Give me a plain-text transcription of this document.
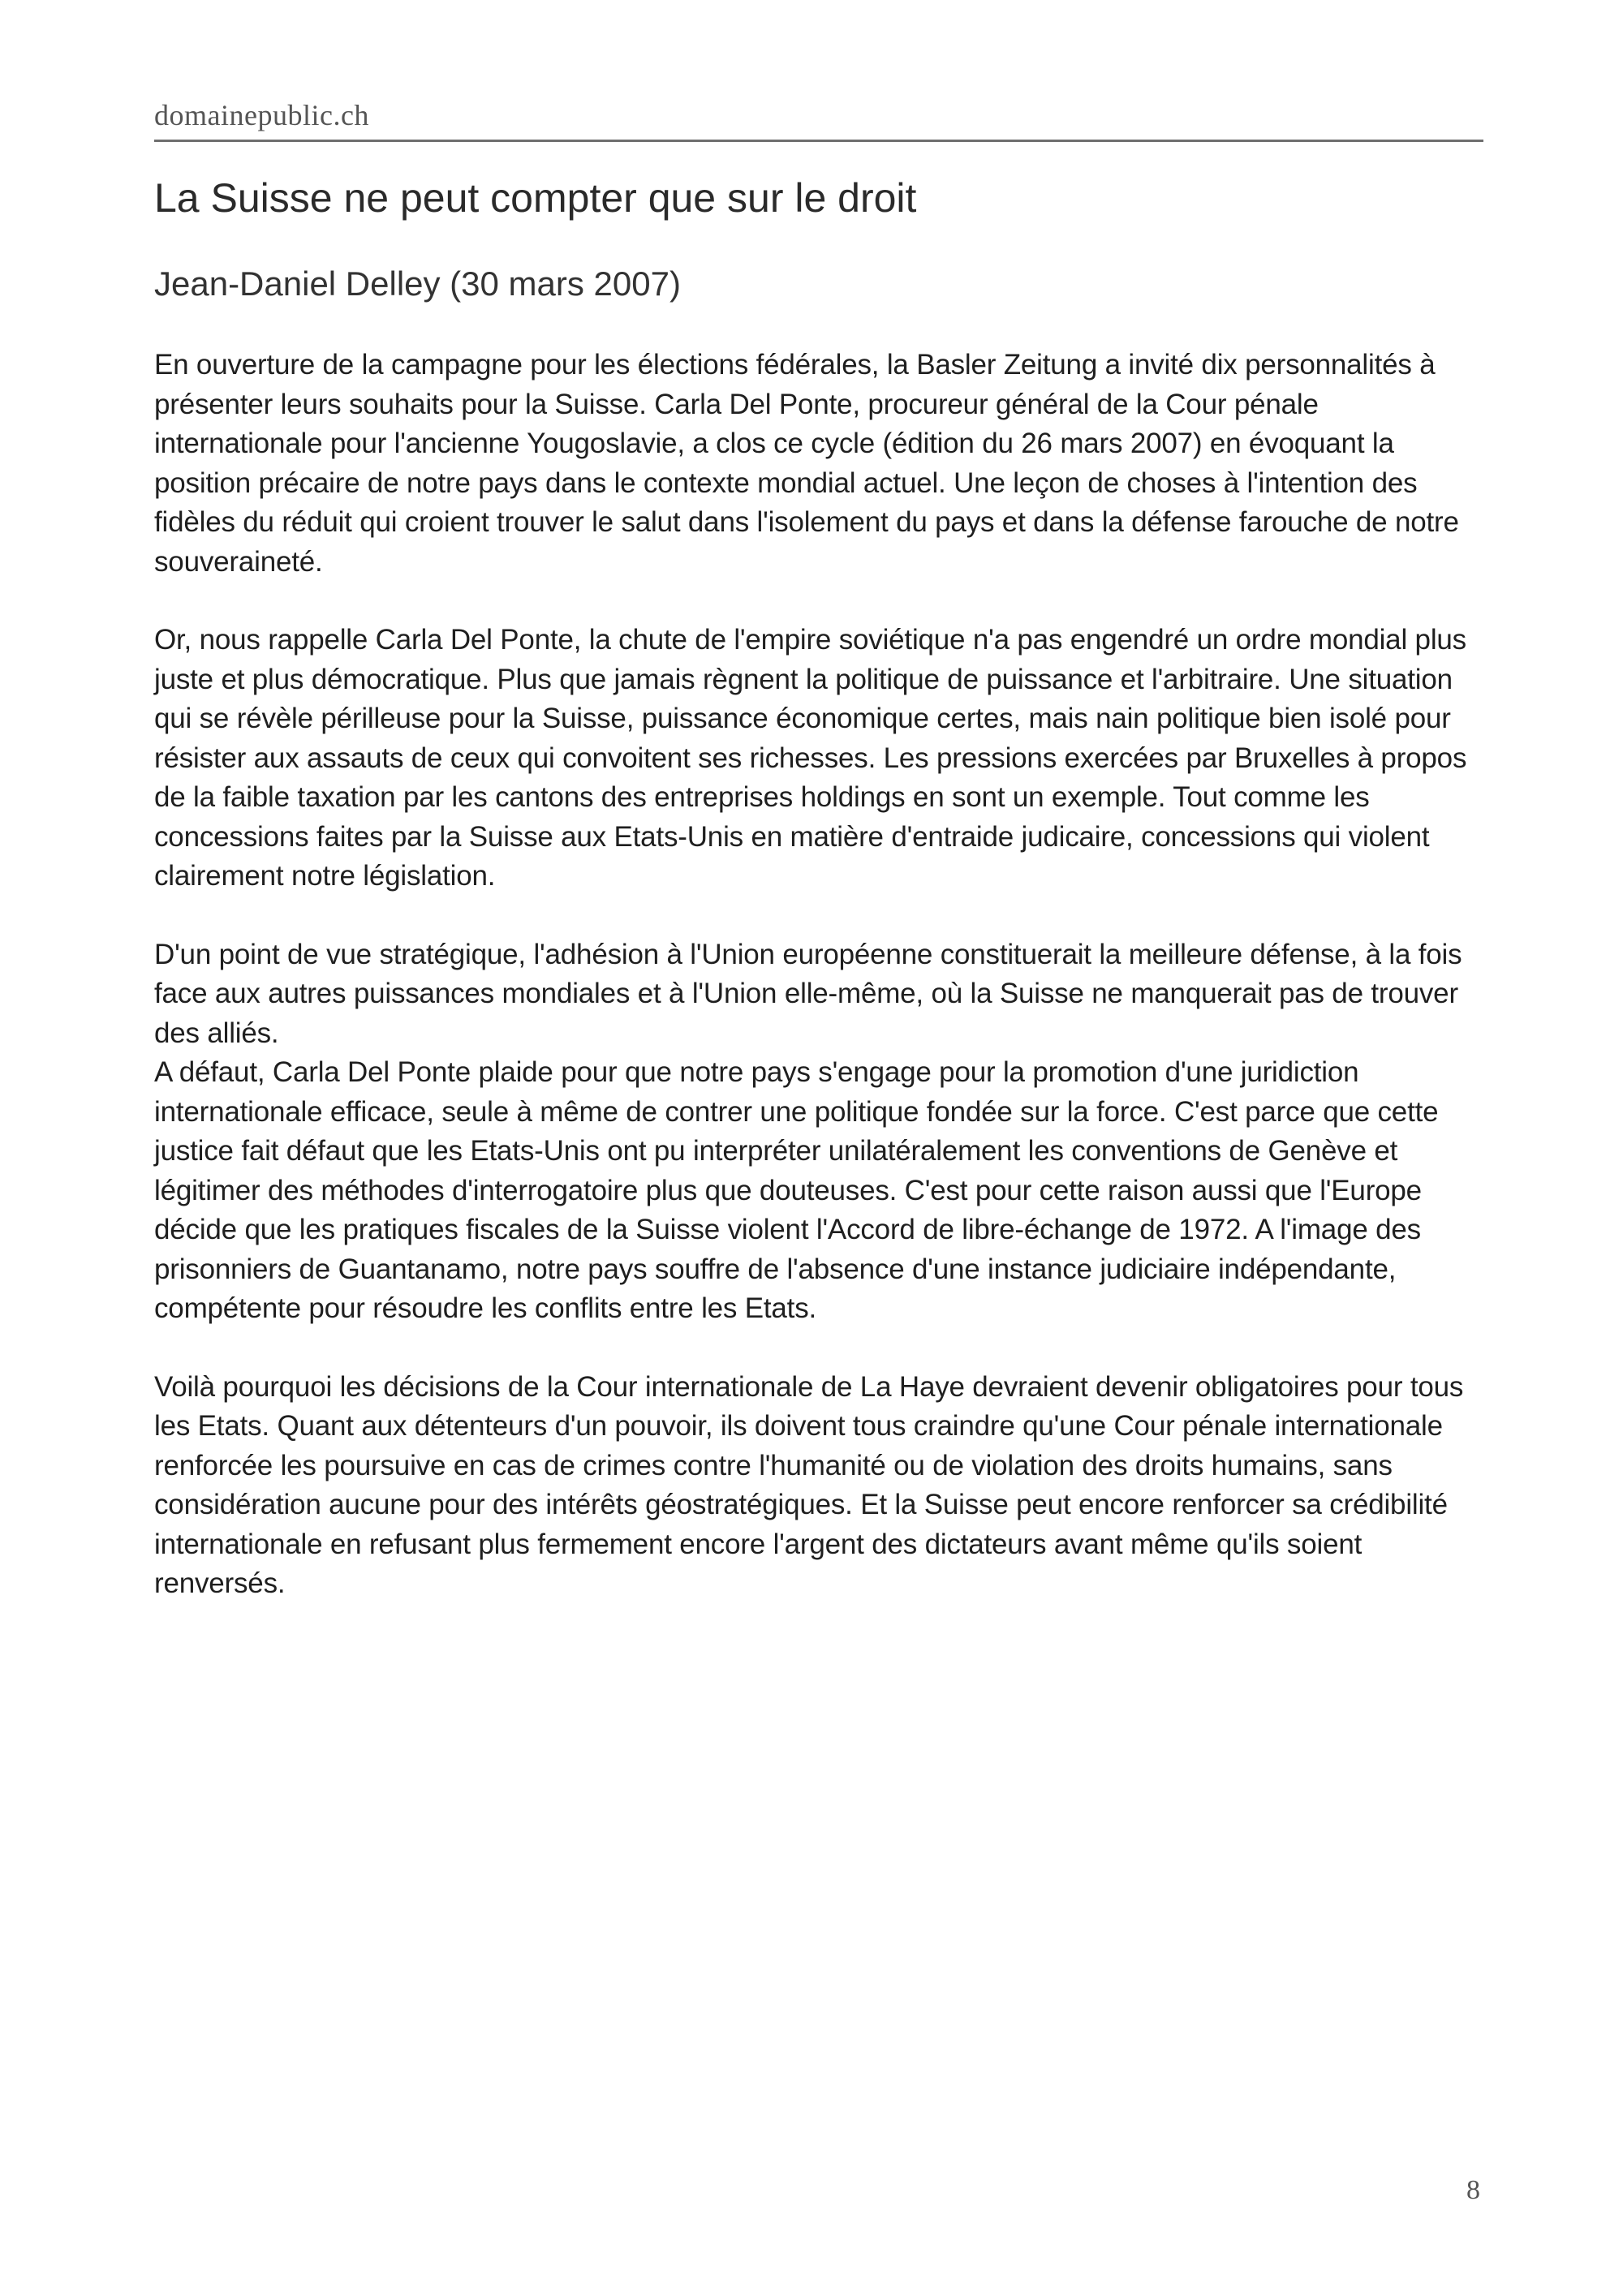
domainepublic.ch
La Suisse ne peut compter que sur le droit

Jean-Daniel Delley (30 mars 2007)

En ouverture de la campagne pour les élections fédérales, la Basler Zeitung a invité dix personnalités à présenter leurs souhaits pour la Suisse. Carla Del Ponte, procureur général de la Cour pénale internationale pour l'ancienne Yougoslavie, a clos ce cycle (édition du 26 mars 2007) en évoquant la position précaire de notre pays dans le contexte mondial actuel. Une leçon de choses à l'intention des fidèles du réduit qui croient trouver le salut dans l'isolement du pays et dans la défense farouche de notre souveraineté.

Or, nous rappelle Carla Del Ponte, la chute de l'empire soviétique n'a pas engendré un ordre mondial plus juste et plus démocratique. Plus que jamais règnent la politique de puissance et l'arbitraire. Une situation qui se révèle périlleuse pour la Suisse, puissance économique certes, mais nain politique bien isolé pour résister aux assauts de ceux qui convoitent ses richesses. Les pressions exercées par Bruxelles à propos de la faible taxation par les cantons des entreprises holdings en sont un exemple. Tout comme les concessions faites par la Suisse aux Etats-Unis en matière d'entraide judicaire, concessions qui violent clairement notre législation.

D'un point de vue stratégique, l'adhésion à l'Union européenne constituerait la meilleure défense, à la fois face aux autres puissances mondiales et à l'Union elle-même, où la Suisse ne manquerait pas de trouver des alliés.

A défaut, Carla Del Ponte plaide pour que notre pays s'engage pour la promotion d'une juridiction internationale efficace, seule à même de contrer une politique fondée sur la force. C'est parce que cette justice fait défaut que les Etats-Unis ont pu interpréter unilatéralement les conventions de Genève et légitimer des méthodes d'interrogatoire plus que douteuses. C'est pour cette raison aussi que l'Europe décide que les pratiques fiscales de la Suisse violent l'Accord de libre-échange de 1972. A l'image des prisonniers de Guantanamo, notre pays souffre de l'absence d'une instance judiciaire indépendante, compétente pour résoudre les conflits entre les Etats.

Voilà pourquoi les décisions de la Cour internationale de La Haye devraient devenir obligatoires pour tous les Etats. Quant aux détenteurs d'un pouvoir, ils doivent tous craindre qu'une Cour pénale internationale renforcée les poursuive en cas de crimes contre l'humanité ou de violation des droits humains, sans considération aucune pour des intérêts géostratégiques. Et la Suisse peut encore renforcer sa crédibilité internationale en refusant plus fermement encore l'argent des dictateurs avant même qu'ils soient renversés.

8
